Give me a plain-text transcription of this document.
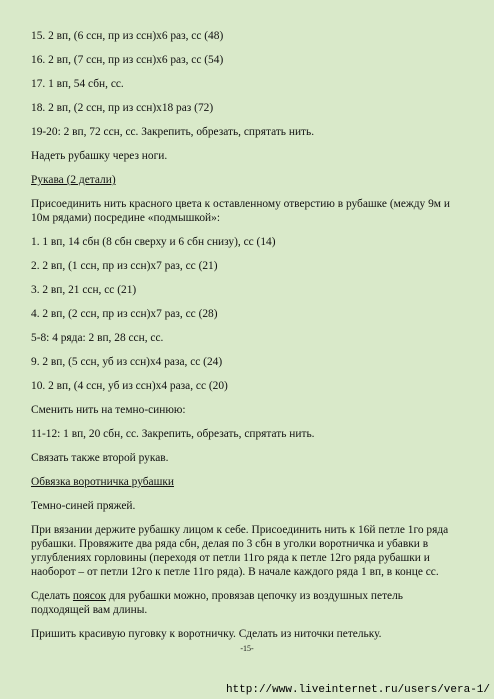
15. 2 вп, (6 ссн, пр из ссн)х6 раз, сс (48)

16. 2 вп, (7 ссн, пр из ссн)х6 раз, сс (54)

17. 1 вп, 54 сбн, сс.

18. 2 вп, (2 ссн, пр из ссн)х18 раз (72)

19-20: 2 вп, 72 ссн, сс. Закрепить, обрезать, спрятать нить.

Надеть рубашку через ноги.

Рукава (2 детали)

Присоединить нить красного цвета к оставленному отверстию в рубашке (между 9м и 10м рядами) посредине «подмышкой»:

1. 1 вп, 14 сбн (8 сбн сверху и 6 сбн снизу), сс (14)

2. 2 вп, (1 ссн, пр из ссн)х7 раз, сс (21)

3. 2 вп, 21 ссн, сс (21)

4. 2 вп, (2 ссн, пр из ссн)х7 раз, сс (28)

5-8: 4 ряда: 2 вп, 28 ссн, сс.

9. 2 вп, (5 ссн, уб из ссн)х4 раза, сс (24)

10. 2 вп, (4 ссн, уб из ссн)х4 раза, сс (20)

Сменить нить на темно-синюю:

11-12: 1 вп, 20 сбн, сс. Закрепить, обрезать, спрятать нить.

Связать также второй рукав.

Обвязка воротничка рубашки

Темно-синей пряжей.

При вязании держите рубашку лицом к себе. Присоединить нить к 16й петле 1го ряда рубашки. Провяжите два ряда сбн, делая по 3 сбн в уголки воротничка и убавки в углублениях горловины (переходя от петли 11го ряда к петле 12го ряда рубашки и наоборот – от петли 12го к петле 11го ряда). В начале каждого ряда 1 вп, в конце сс.

Сделать поясок для рубашки можно, провязав цепочку из воздушных петель подходящей вам длины.

Пришить красивую пуговку к воротничку. Сделать из ниточки петельку.

-15-
http://www.liveinternet.ru/users/vera-1/
